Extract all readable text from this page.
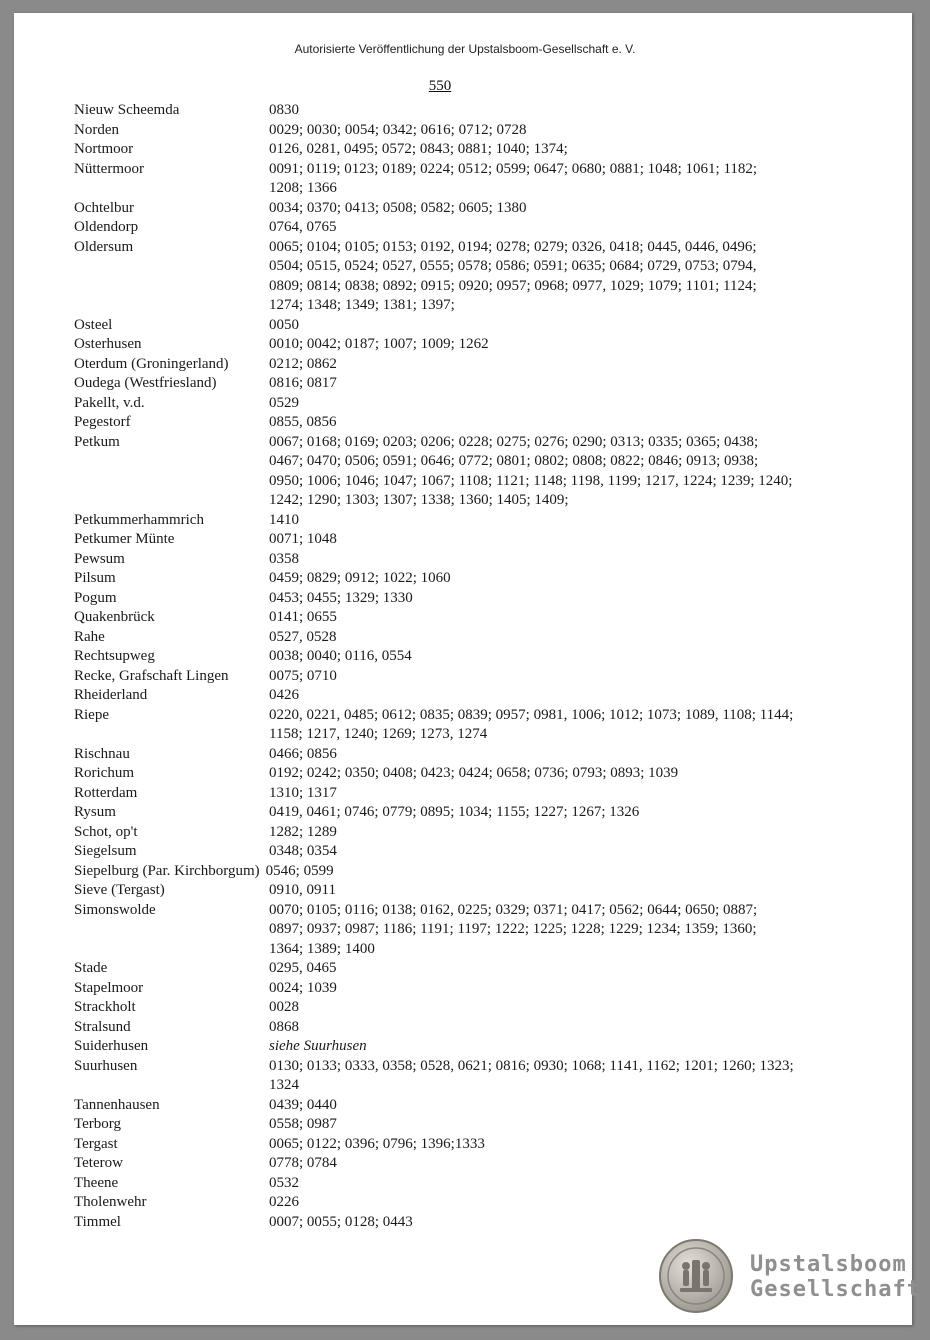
Autorisierte Veröffentlichung der Upstalsboom-Gesellschaft e. V.
550
Nieuw Scheemda	0830
Norden	0029; 0030; 0054; 0342; 0616; 0712; 0728
Nortmoor	0126, 0281, 0495; 0572; 0843; 0881; 1040; 1374;
Nüttermoor	0091; 0119; 0123; 0189; 0224; 0512; 0599; 0647; 0680; 0881; 1048; 1061; 1182; 1208; 1366
Ochtelbur	0034; 0370; 0413; 0508; 0582; 0605; 1380
Oldendorp	0764, 0765
Oldersum	0065; 0104; 0105; 0153; 0192, 0194; 0278; 0279; 0326, 0418; 0445, 0446, 0496; 0504; 0515, 0524; 0527, 0555; 0578; 0586; 0591; 0635; 0684; 0729, 0753; 0794, 0809; 0814; 0838; 0892; 0915; 0920; 0957; 0968; 0977, 1029; 1079; 1101; 1124; 1274; 1348; 1349; 1381; 1397;
Osteel	0050
Osterhusen	0010; 0042; 0187; 1007; 1009; 1262
Oterdum (Groningerland)	0212; 0862
Oudega (Westfriesland)	0816; 0817
Pakellt, v.d.	0529
Pegestorf	0855, 0856
Petkum	0067; 0168; 0169; 0203; 0206; 0228; 0275; 0276; 0290; 0313; 0335; 0365; 0438; 0467; 0470; 0506; 0591; 0646; 0772; 0801; 0802; 0808; 0822; 0846; 0913; 0938; 0950; 1006; 1046; 1047; 1067; 1108; 1121; 1148; 1198, 1199; 1217, 1224; 1239; 1240; 1242; 1290; 1303; 1307; 1338; 1360; 1405; 1409;
Petkummerhammrich	1410
Petkumer Münte	0071; 1048
Pewsum	0358
Pilsum	0459; 0829; 0912; 1022; 1060
Pogum	0453; 0455; 1329; 1330
Quakenbrück	0141; 0655
Rahe	0527, 0528
Rechtsupweg	0038; 0040; 0116, 0554
Recke, Grafschaft Lingen	0075; 0710
Rheiderland	0426
Riepe	0220, 0221, 0485; 0612; 0835; 0839; 0957; 0981, 1006; 1012; 1073; 1089, 1108; 1144; 1158; 1217, 1240; 1269; 1273, 1274
Rischnau	0466; 0856
Rorichum	0192; 0242; 0350; 0408; 0423; 0424; 0658; 0736; 0793; 0893; 1039
Rotterdam	1310; 1317
Rysum	0419, 0461; 0746; 0779; 0895; 1034; 1155; 1227; 1267; 1326
Schot, op't	1282; 1289
Siegelsum	0348; 0354
Siepelburg (Par. Kirchborgum) 0546; 0599
Sieve (Tergast)	0910, 0911
Simonswolde	0070; 0105; 0116; 0138; 0162, 0225; 0329; 0371; 0417; 0562; 0644; 0650; 0887; 0897; 0937; 0987; 1186; 1191; 1197; 1222; 1225; 1228; 1229; 1234; 1359; 1360; 1364; 1389; 1400
Stade	0295, 0465
Stapelmoor	0024; 1039
Strackholt	0028
Stralsund	0868
Suiderhusen	siehe Suurhusen
Suurhusen	0130; 0133; 0333, 0358; 0528, 0621; 0816; 0930; 1068; 1141, 1162; 1201; 1260; 1323; 1324
Tannenhausen	0439; 0440
Terborg	0558; 0987
Tergast	0065; 0122; 0396; 0796; 1396;1333
Teterow	0778; 0784
Theene	0532
Tholenwehr	0226
Timmel	0007; 0055; 0128; 0443
Upstalsboom
Gesellschaft
